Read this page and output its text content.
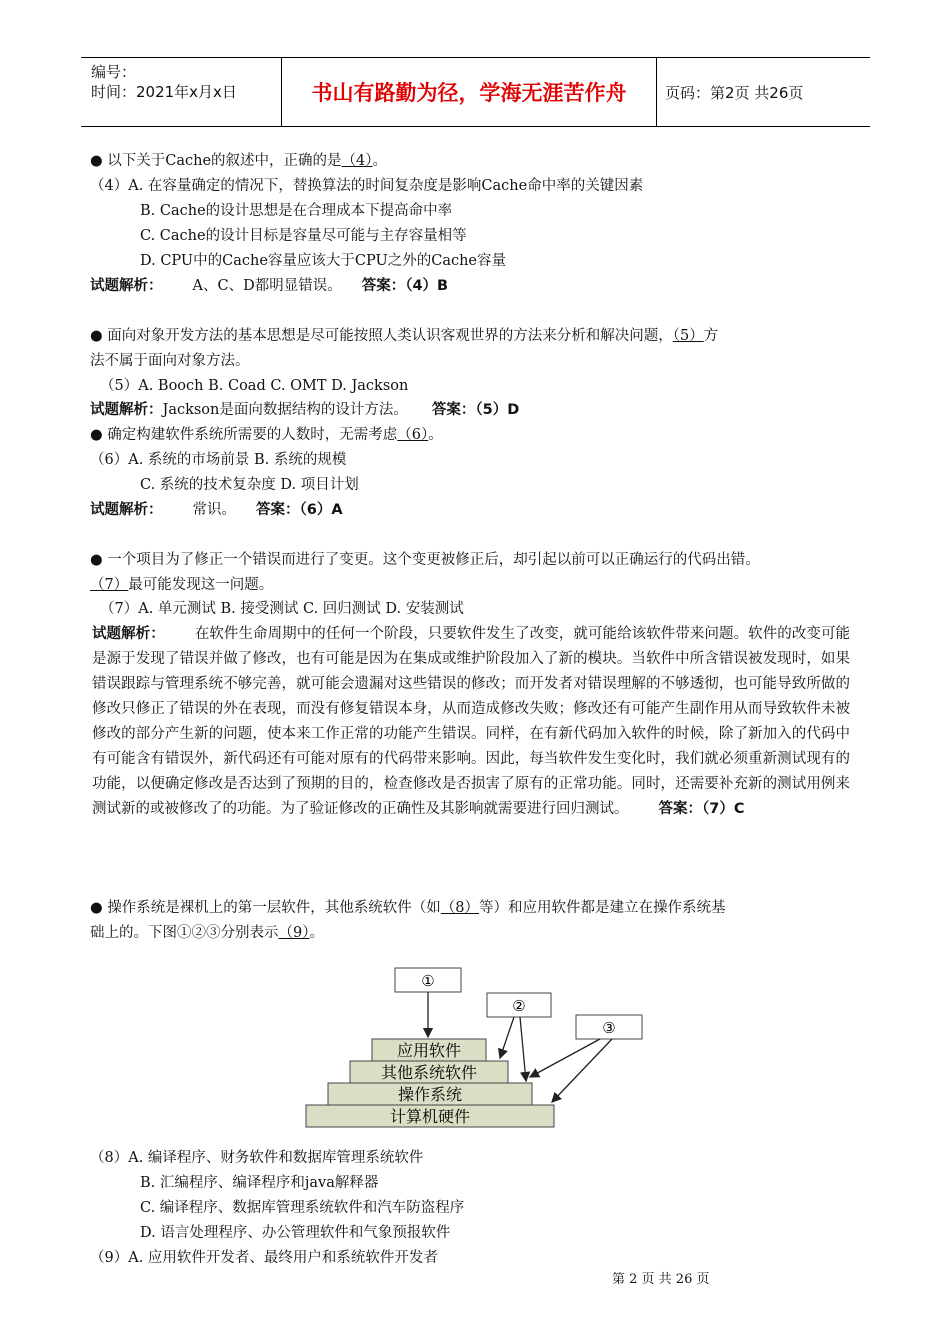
编号：
时间：2021年x月x日	书山有路勤为径，学海无涯苦作舟	页码：第2页 共26页
● 以下关于Cache的叙述中，正确的是（4）。
（4）A. 在容量确定的情况下，替换算法的时间复杂度是影响Cache命中率的关键因素
B. Cache的设计思想是在合理成本下提高命中率
C. Cache的设计目标是容量尽可能与主存容量相等
D. CPU中的Cache容量应该大于CPU之外的Cache容量
试题解析： A、C、D都明显错误。 答案：（4）B
● 面向对象开发方法的基本思想是尽可能按照人类认识客观世界的方法来分析和解决问题，（5）方
法不属于面向对象方法。
（5）A. Booch B. Coad C. OMT D. Jackson
试题解析：Jackson是面向数据结构的设计方法。 答案：（5）D
● 确定构建软件系统所需要的人数时，无需考虑（6）。
（6）A. 系统的市场前景 B. 系统的规模
C. 系统的技术复杂度 D. 项目计划
试题解析： 常识。 答案：（6）A
● 一个项目为了修正一个错误而进行了变更。这个变更被修正后，却引起以前可以正确运行的代码出错。
（7）最可能发现这一问题。
（7）A. 单元测试 B. 接受测试 C. 回归测试 D. 安装测试
试题解析： 在软件生命周期中的任何一个阶段，只要软件发生了改变，就可能给该软件带来问题。软件的改变可能是源于发现了错误并做了修改，也有可能是因为在集成或维护阶段加入了新的模块。当软件中所含错误被发现时，如果错误跟踪与管理系统不够完善，就可能会遗漏对这些错误的修改；而开发者对错误理解的不够透彻，也可能导致所做的修改只修正了错误的外在表现，而没有修复错误本身，从而造成修改失败；修改还有可能产生副作用从而导致软件未被修改的部分产生新的问题，使本来工作正常的功能产生错误。同样，在有新代码加入软件的时候，除了新加入的代码中有可能含有错误外，新代码还有可能对原有的代码带来影响。因此，每当软件发生变化时，我们就必须重新测试现有的功能，以便确定修改是否达到了预期的目的，检查修改是否损害了原有的正常功能。同时，还需要补充新的测试用例来测试新的或被修改了的功能。为了验证修改的正确性及其影响就需要进行回归测试。 答案：（7）C
● 操作系统是裸机上的第一层软件，其他系统软件（如（8）等）和应用软件都是建立在操作系统基
础上的。下图①②③分别表示（9）。
应用软件
其他系统软件
操作系统
计算机硬件
①
②
③
（8）A. 编译程序、财务软件和数据库管理系统软件
B. 汇编程序、编译程序和java解释器
C. 编译程序、数据库管理系统软件和汽车防盗程序
D. 语言处理程序、办公管理软件和气象预报软件
（9）A. 应用软件开发者、最终用户和系统软件开发者
第 2 页 共 26 页
